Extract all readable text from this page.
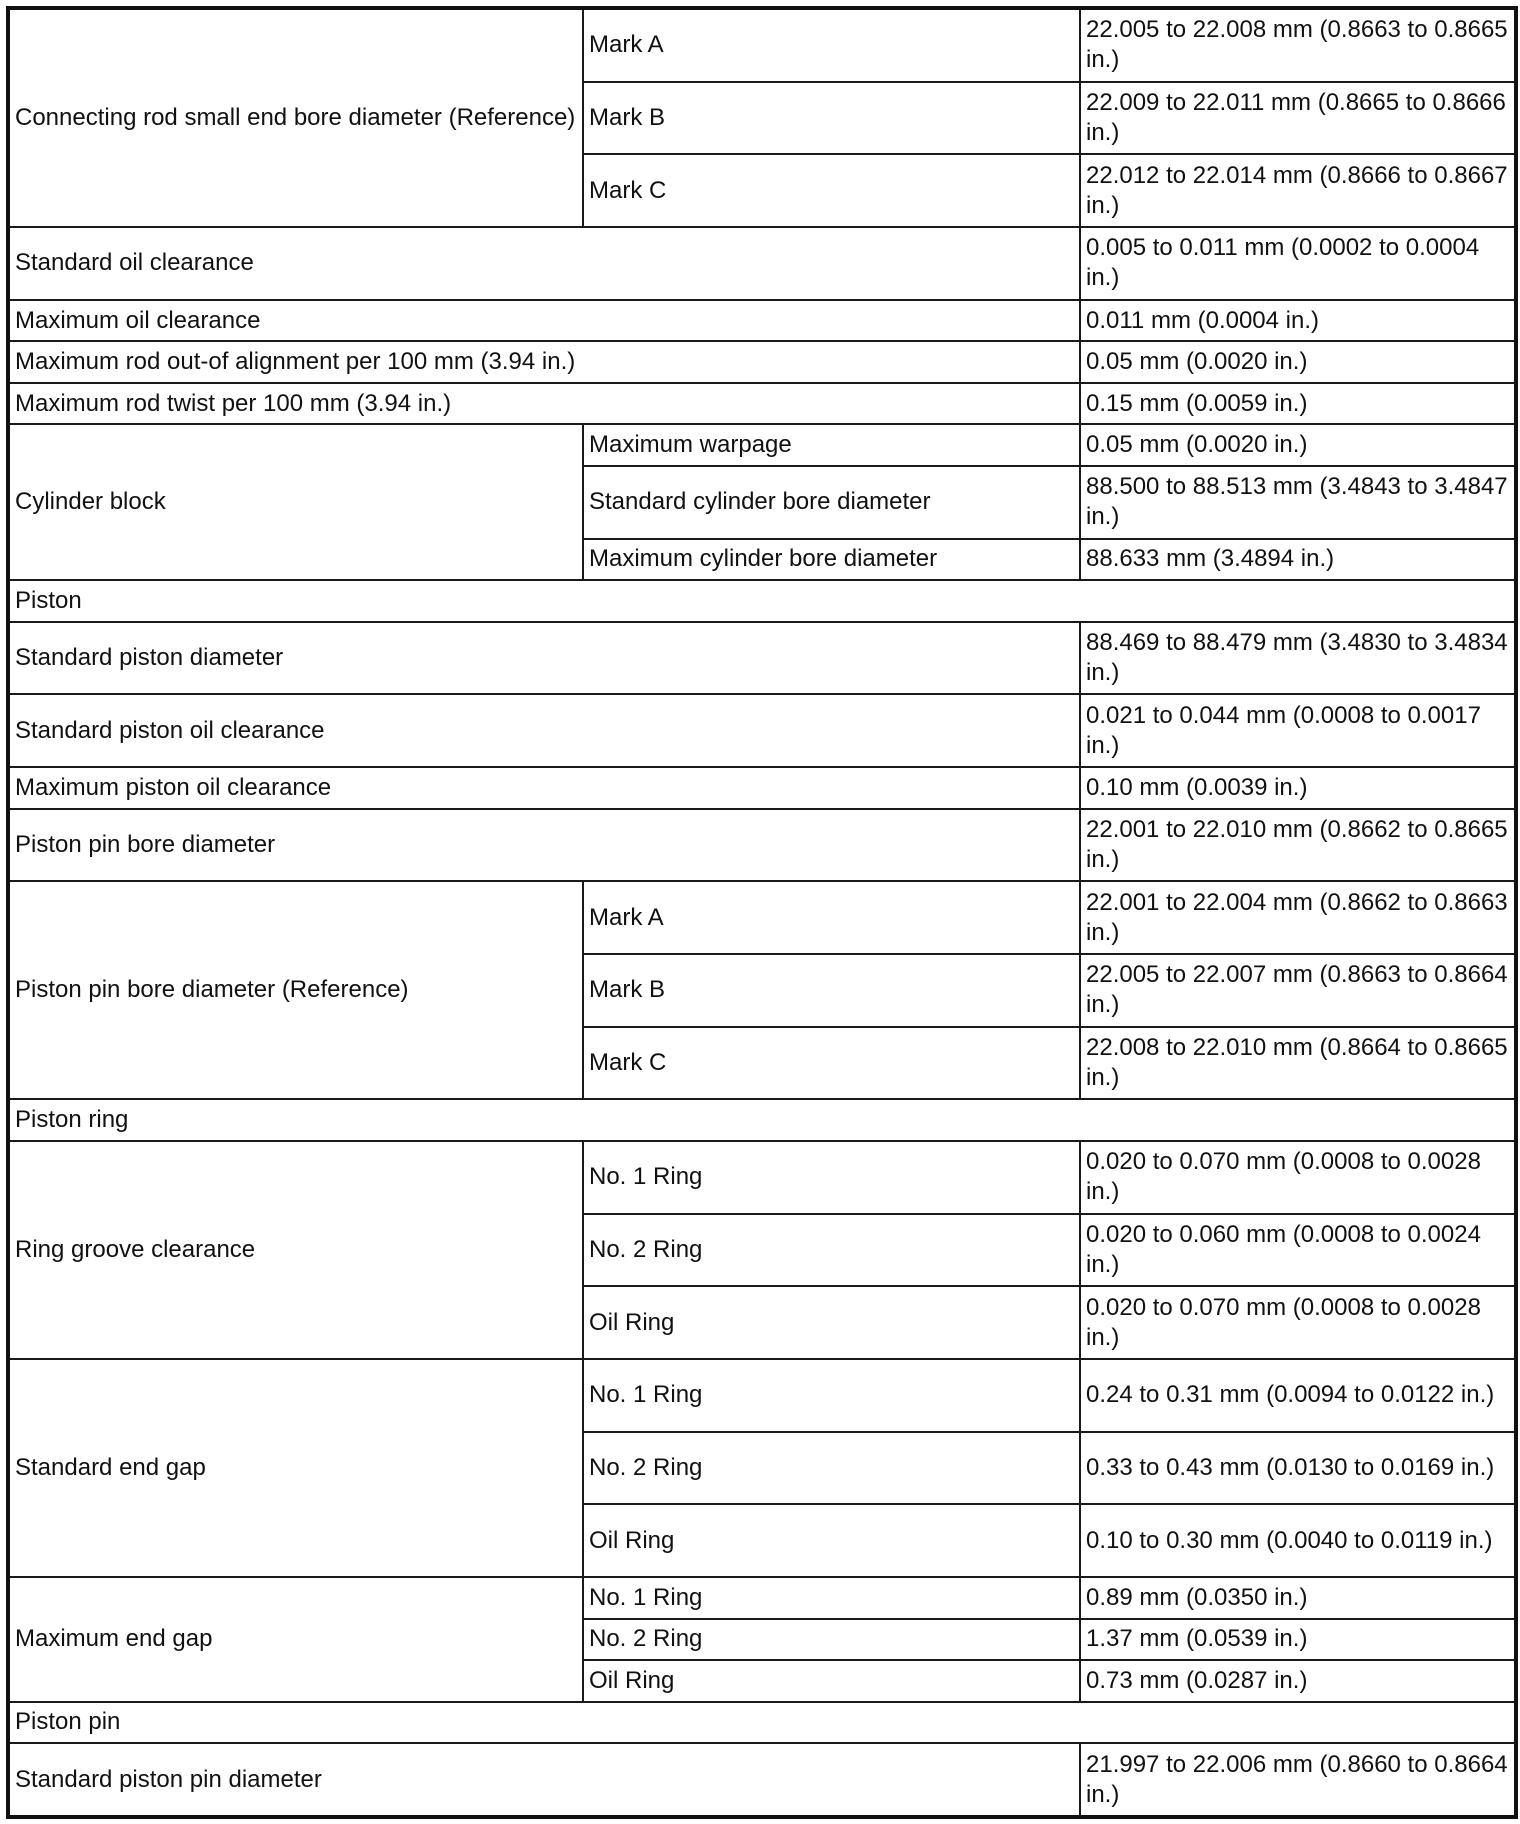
Connecting rod small end bore diameter (Reference)	Mark A	22.005 to 22.008 mm (0.8663 to 0.8665 in.)
	Mark B	22.009 to 22.011 mm (0.8665 to 0.8666 in.)
	Mark C	22.012 to 22.014 mm (0.8666 to 0.8667 in.)
Standard oil clearance		0.005 to 0.011 mm (0.0002 to 0.0004 in.)
Maximum oil clearance		0.011 mm (0.0004 in.)
Maximum rod out-of alignment per 100 mm (3.94 in.)		0.05 mm (0.0020 in.)
Maximum rod twist per 100 mm (3.94 in.)		0.15 mm (0.0059 in.)
Cylinder block	Maximum warpage	0.05 mm (0.0020 in.)
	Standard cylinder bore diameter	88.500 to 88.513 mm (3.4843 to 3.4847 in.)
	Maximum cylinder bore diameter	88.633 mm (3.4894 in.)
Piston		
Standard piston diameter		88.469 to 88.479 mm (3.4830 to 3.4834 in.)
Standard piston oil clearance		0.021 to 0.044 mm (0.0008 to 0.0017 in.)
Maximum piston oil clearance		0.10 mm (0.0039 in.)
Piston pin bore diameter		22.001 to 22.010 mm (0.8662 to 0.8665 in.)
Piston pin bore diameter (Reference)	Mark A	22.001 to 22.004 mm (0.8662 to 0.8663 in.)
	Mark B	22.005 to 22.007 mm (0.8663 to 0.8664 in.)
	Mark C	22.008 to 22.010 mm (0.8664 to 0.8665 in.)
Piston ring		
Ring groove clearance	No. 1 Ring	0.020 to 0.070 mm (0.0008 to 0.0028 in.)
	No. 2 Ring	0.020 to 0.060 mm (0.0008 to 0.0024 in.)
	Oil Ring	0.020 to 0.070 mm (0.0008 to 0.0028 in.)
Standard end gap	No. 1 Ring	0.24 to 0.31 mm (0.0094 to 0.0122 in.)
	No. 2 Ring	0.33 to 0.43 mm (0.0130 to 0.0169 in.)
	Oil Ring	0.10 to 0.30 mm (0.0040 to 0.0119 in.)
Maximum end gap	No. 1 Ring	0.89 mm (0.0350 in.)
	No. 2 Ring	1.37 mm (0.0539 in.)
	Oil Ring	0.73 mm (0.0287 in.)
Piston pin		
Standard piston pin diameter		21.997 to 22.006 mm (0.8660 to 0.8664 in.)
